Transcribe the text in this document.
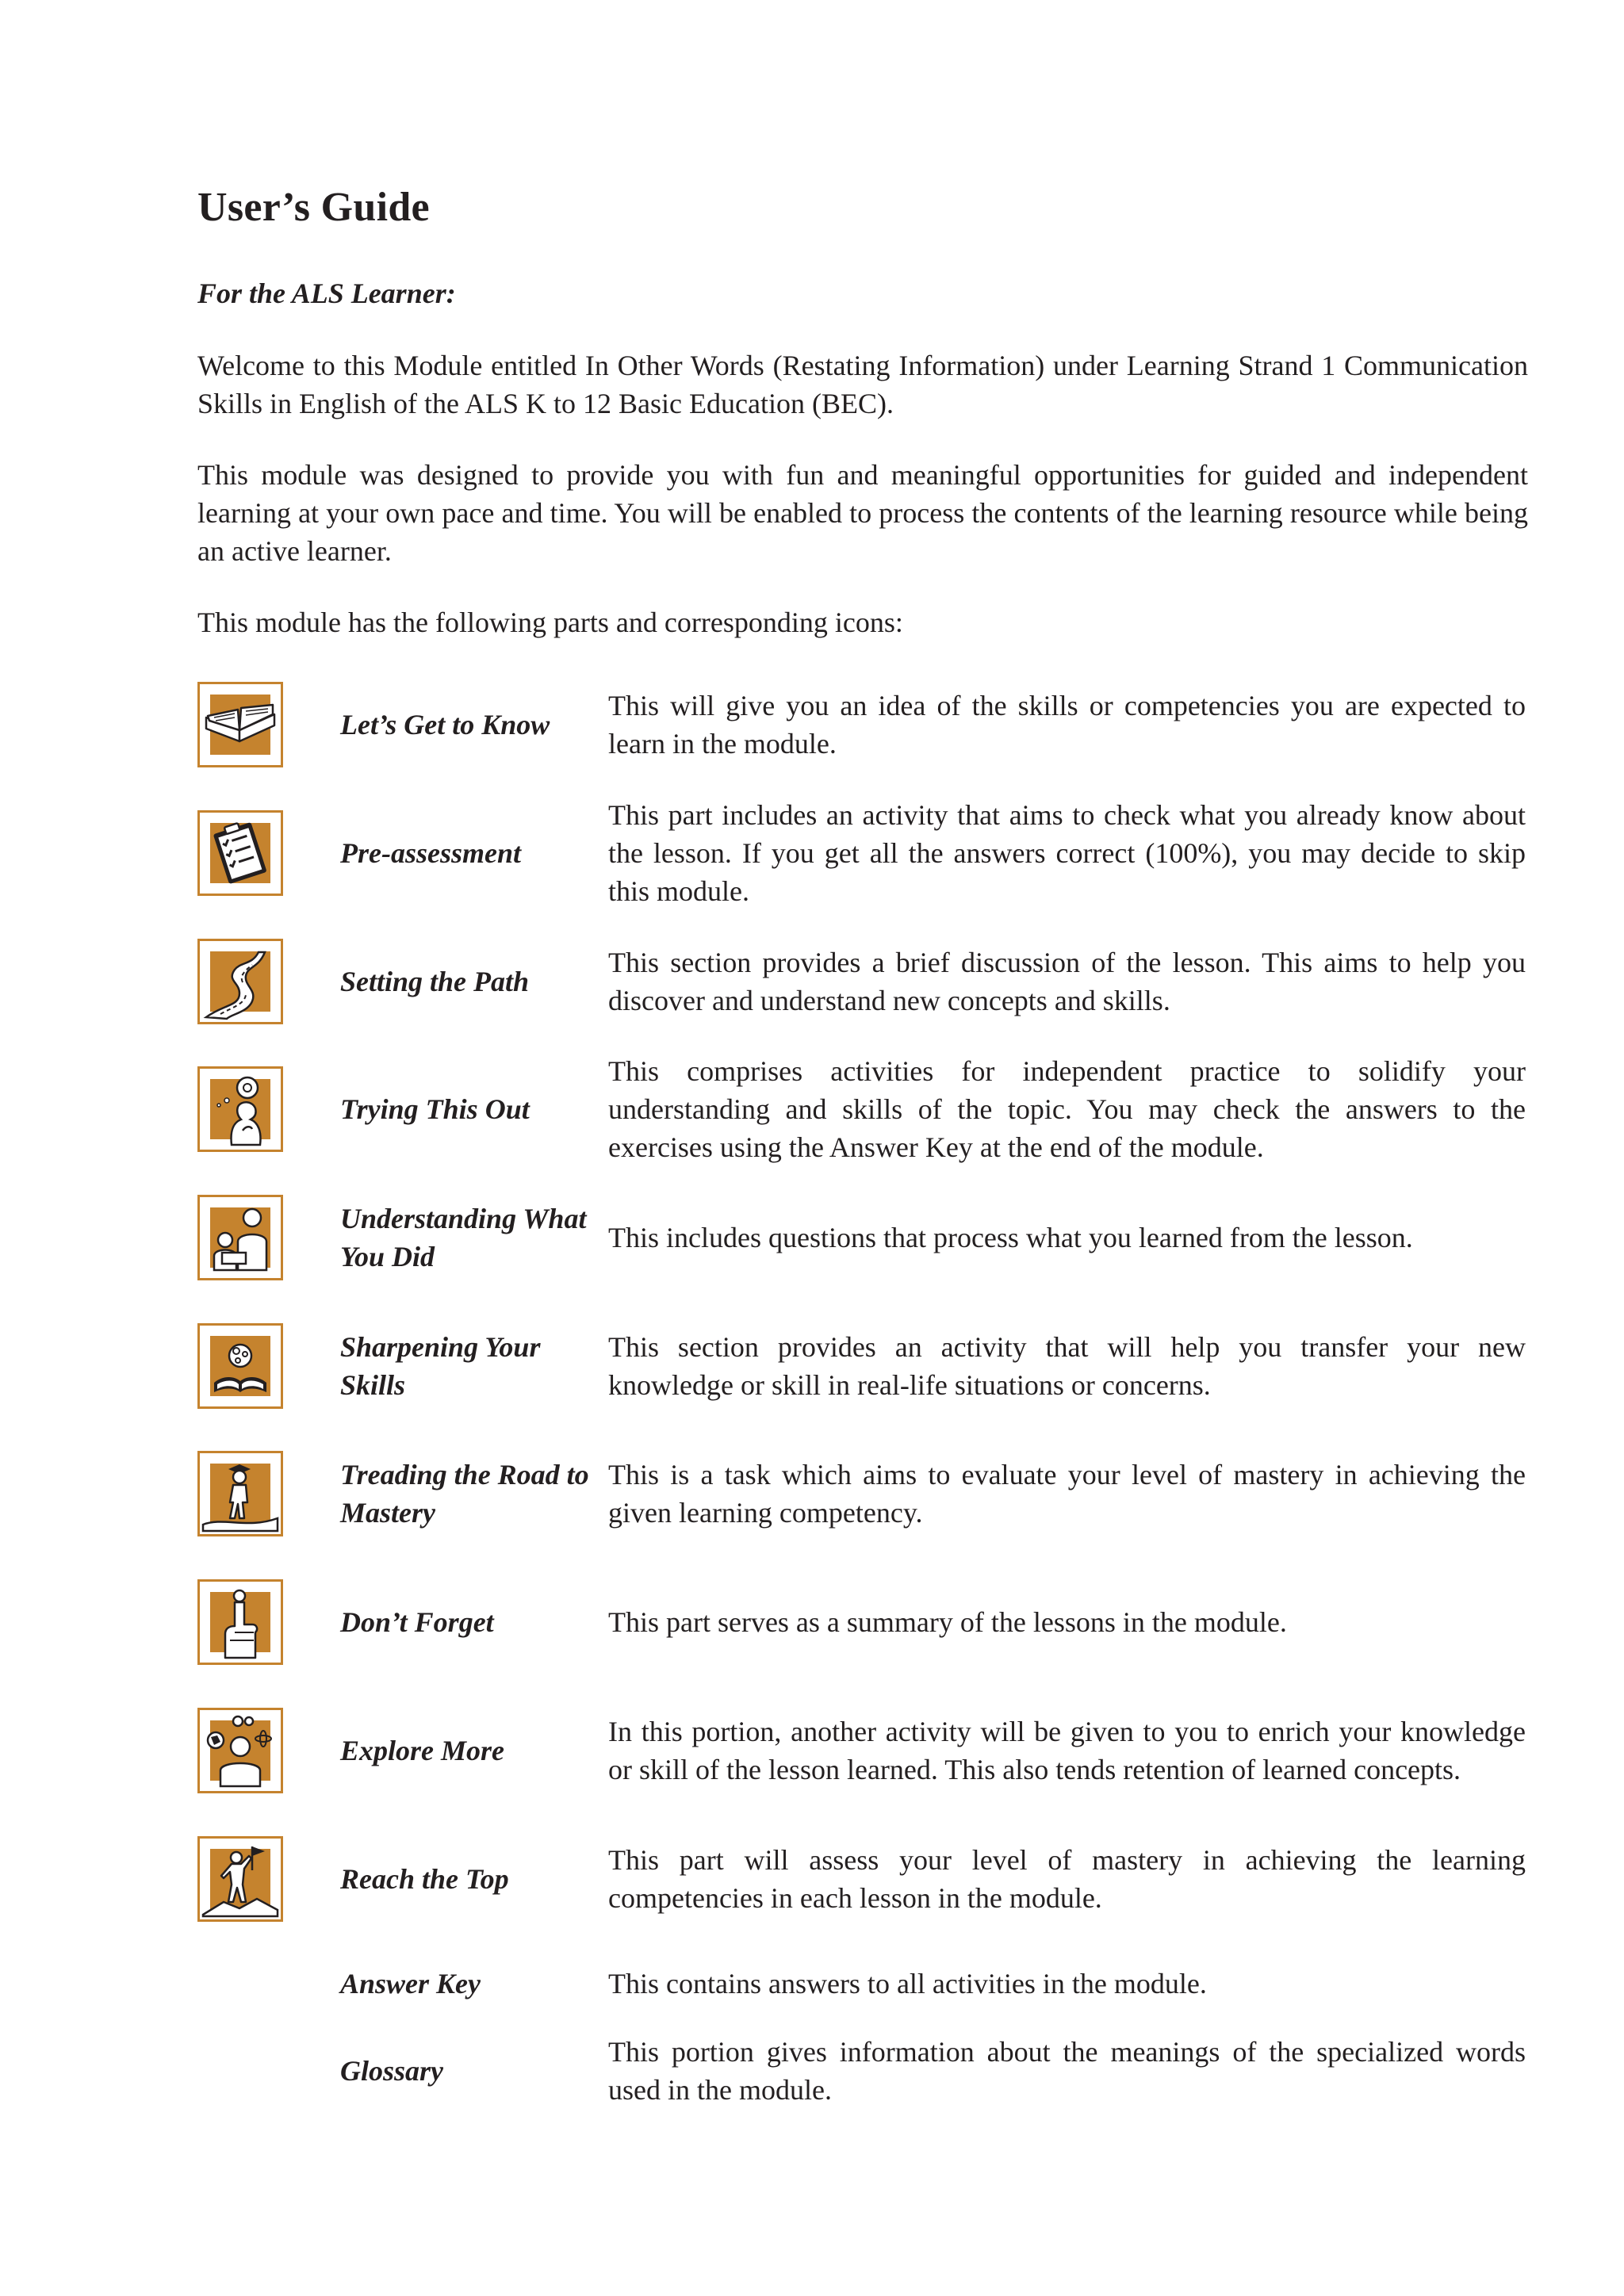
User’s Guide

For the ALS Learner:

Welcome to this Module entitled In Other Words (Restating Information) under Learning Strand 1 Communication Skills in English of the ALS K to 12 Basic Education (BEC).

This module was designed to provide you with fun and meaningful opportunities for guided and independent learning at your own pace and time. You will be enabled to process the contents of the learning resource while being an active learner.

This module has the following parts and corresponding icons:

Let’s Get to Know

This will give you an idea of the skills or competencies you are expected to learn in the module.

Pre-assessment

This part includes an activity that aims to check what you already know about the lesson. If you get all the answers correct (100%), you may decide to skip this module.

Setting the Path

This section provides a brief discussion of the lesson. This aims to help you discover and understand new concepts and skills.

Trying This Out

This comprises activities for independent practice to solidify your understanding and skills of the topic. You may check the answers to the exercises using the Answer Key at the end of the module.

Understanding What You Did

This includes questions that process what you learned from the lesson.

Sharpening Your Skills

This section provides an activity that will help you transfer your new knowledge or skill in real-life situations or concerns.

Treading the Road to Mastery

This is a task which aims to evaluate your level of mastery in achieving the given learning competency.

Don’t Forget	This part serves as a summary of the lessons in the module.

Explore More

In this portion, another activity will be given to you to enrich your knowledge or skill of the lesson learned. This also tends retention of learned concepts.

Reach the Top

This part will assess your level of mastery in achieving the learning competencies in each lesson in the module.

Answer Key	This contains answers to all activities in the module.

Glossary

This portion gives information about the meanings of the specialized words used in the module.
